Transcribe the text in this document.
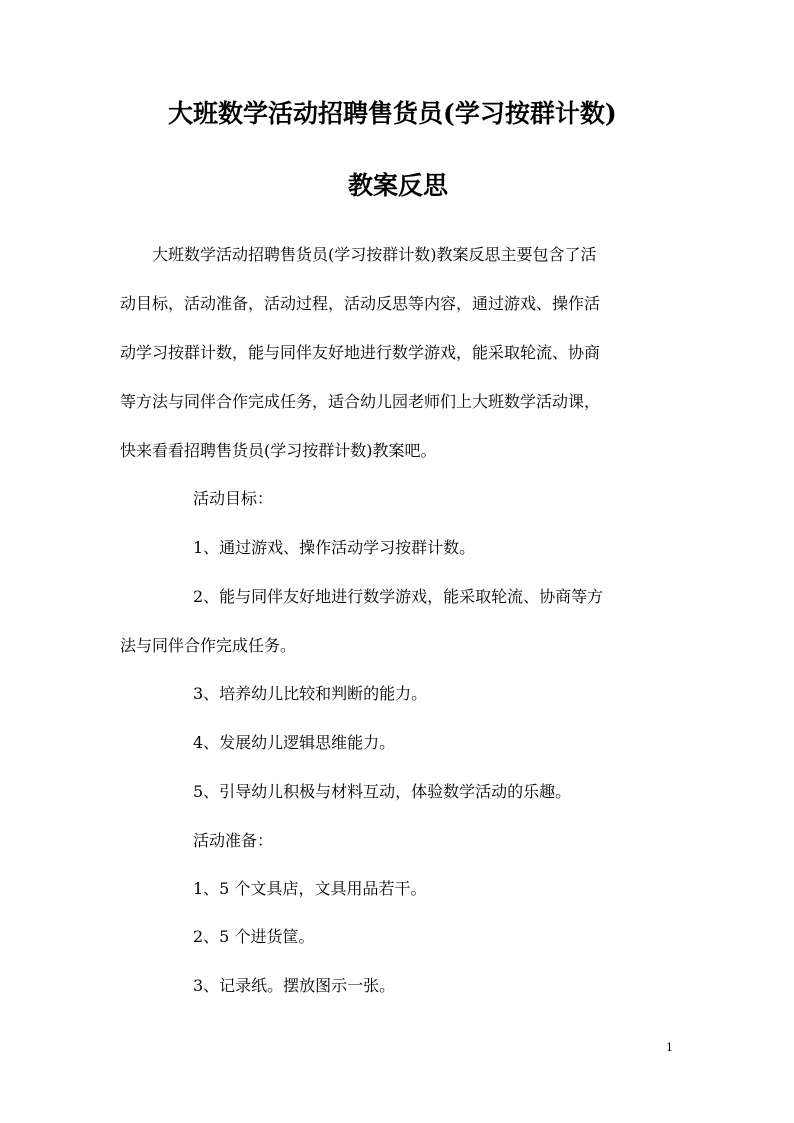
大班数学活动招聘售货员(学习按群计数)
教案反思
大班数学活动招聘售货员(学习按群计数)教案反思主要包含了活
动目标，活动准备，活动过程，活动反思等内容，通过游戏、操作活
动学习按群计数，能与同伴友好地进行数学游戏，能采取轮流、协商
等方法与同伴合作完成任务，适合幼儿园老师们上大班数学活动课，
快来看看招聘售货员(学习按群计数)教案吧。
活动目标：
1、通过游戏、操作活动学习按群计数。
2、能与同伴友好地进行数学游戏，能采取轮流、协商等方
法与同伴合作完成任务。
3、培养幼儿比较和判断的能力。
4、发展幼儿逻辑思维能力。
5、引导幼儿积极与材料互动，体验数学活动的乐趣。
活动准备：
1、5 个文具店，文具用品若干。
2、5 个进货筐。
3、记录纸。摆放图示一张。
1
